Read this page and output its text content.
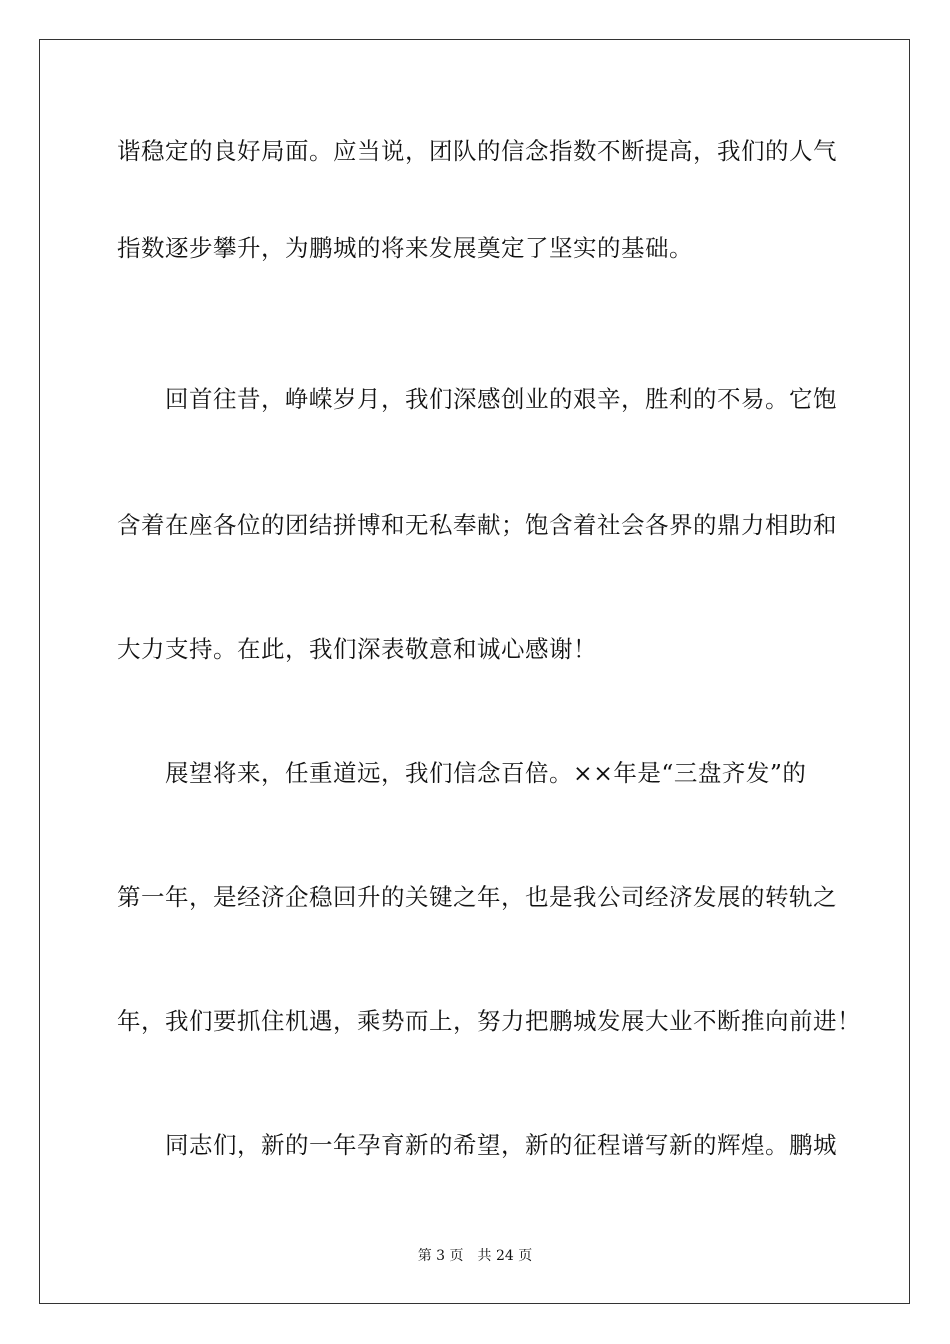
谐稳定的良好局面。应当说，团队的信念指数不断提高，我们的人气
指数逐步攀升，为鹏城的将来发展奠定了坚实的基础。
　　回首往昔，峥嵘岁月，我们深感创业的艰辛，胜利的不易。它饱
含着在座各位的团结拼博和无私奉献；饱含着社会各界的鼎力相助和
大力支持。在此，我们深表敬意和诚心感谢！
　　展望将来，任重道远，我们信念百倍。××年是“三盘齐发”的
第一年，是经济企稳回升的关键之年，也是我公司经济发展的转轨之
年，我们要抓住机遇，乘势而上，努力把鹏城发展大业不断推向前进！
　　同志们，新的一年孕育新的希望，新的征程谱写新的辉煌。鹏城
第 3 页　共 24 页
